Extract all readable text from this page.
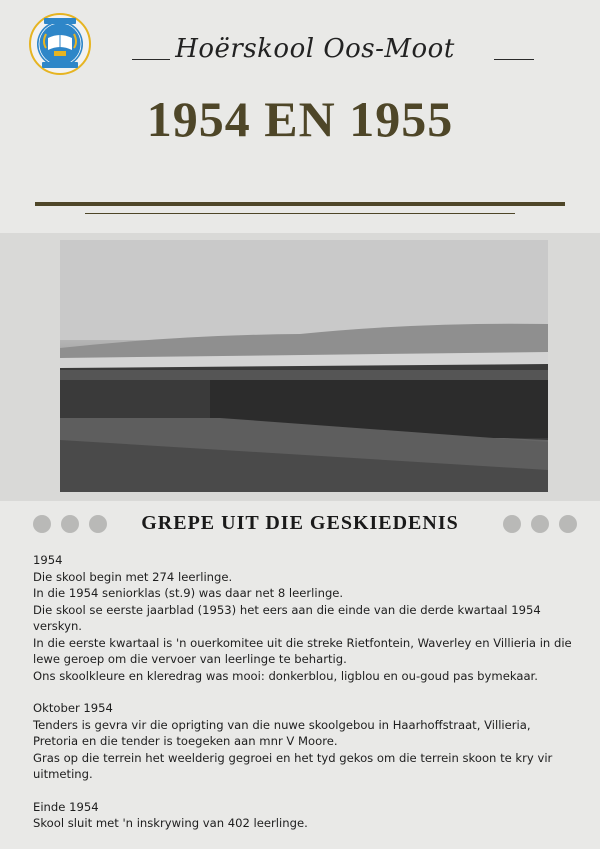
Hoërskool Oos-Moot
1954 EN 1955
GREPE UIT DIE GESKIEDENIS

1954

Die skool begin met 274 leerlinge.

In die 1954 seniorklas (st.9) was daar net 8 leerlinge.

Die skool se eerste jaarblad (1953) het eers aan die einde van die derde kwartaal 1954 verskyn.

In die eerste kwartaal is 'n ouerkomitee uit die streke Rietfontein, Waverley en Villieria in die lewe geroep om die vervoer van leerlinge te behartig.

Ons skoolkleure en kleredrag was mooi: donkerblou, ligblou en ou-goud pas bymekaar.

Oktober 1954

Tenders is gevra vir die oprigting van die nuwe skoolgebou in Haarhoffstraat, Villieria, Pretoria en die tender is toegeken aan mnr V Moore.

Gras op die terrein het weelderig gegroei en het tyd gekos om die terrein skoon te kry vir uitmeting.

Einde 1954

Skool sluit met 'n inskrywing van 402 leerlinge.
